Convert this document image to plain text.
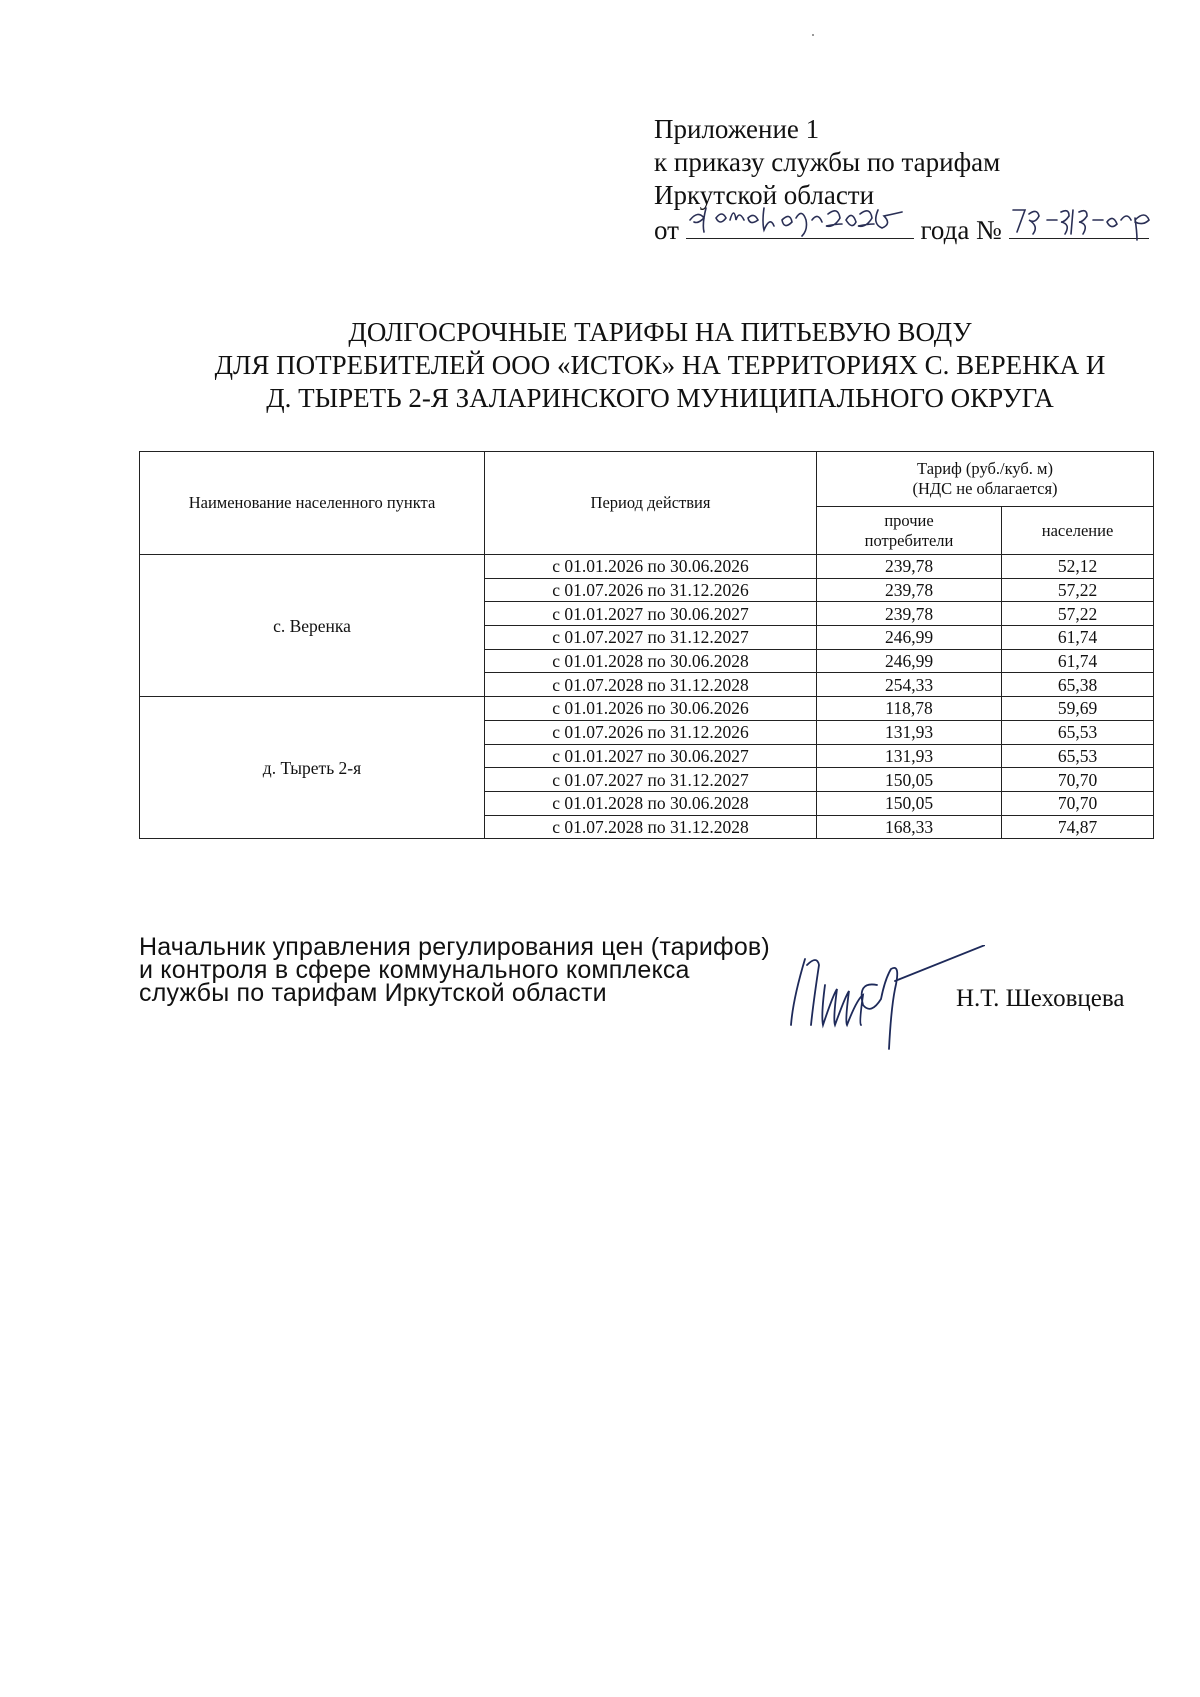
Приложение 1
к приказу службы по тарифам
Иркутской области
от	года №
ДОЛГОСРОЧНЫЕ ТАРИФЫ НА ПИТЬЕВУЮ ВОДУ
ДЛЯ ПОТРЕБИТЕЛЕЙ ООО «ИСТОК» НА ТЕРРИТОРИЯХ С. ВЕРЕНКА И
Д. ТЫРЕТЬ 2-Я ЗАЛАРИНСКОГО МУНИЦИПАЛЬНОГО ОКРУГА
Наименование населенного пункта	Период действия	Тариф (руб./куб. м)
(НДС не облагается)	
		прочие потребители	население
с. Веренка	с 01.01.2026 по 30.06.2026	239,78	52,12
	с 01.07.2026 по 31.12.2026	239,78	57,22
	с 01.01.2027 по 30.06.2027	239,78	57,22
	с 01.07.2027 по 31.12.2027	246,99	61,74
	с 01.01.2028 по 30.06.2028	246,99	61,74
	с 01.07.2028 по 31.12.2028	254,33	65,38
д. Тыреть 2-я	с 01.01.2026 по 30.06.2026	118,78	59,69
	с 01.07.2026 по 31.12.2026	131,93	65,53
	с 01.01.2027 по 30.06.2027	131,93	65,53
	с 01.07.2027 по 31.12.2027	150,05	70,70
	с 01.01.2028 по 30.06.2028	150,05	70,70
	с 01.07.2028 по 31.12.2028	168,33	74,87
Начальник управления регулирования цен (тарифов)
и контроля в сфере коммунального комплекса
службы по тарифам Иркутской области	Н.Т. Шеховцева
